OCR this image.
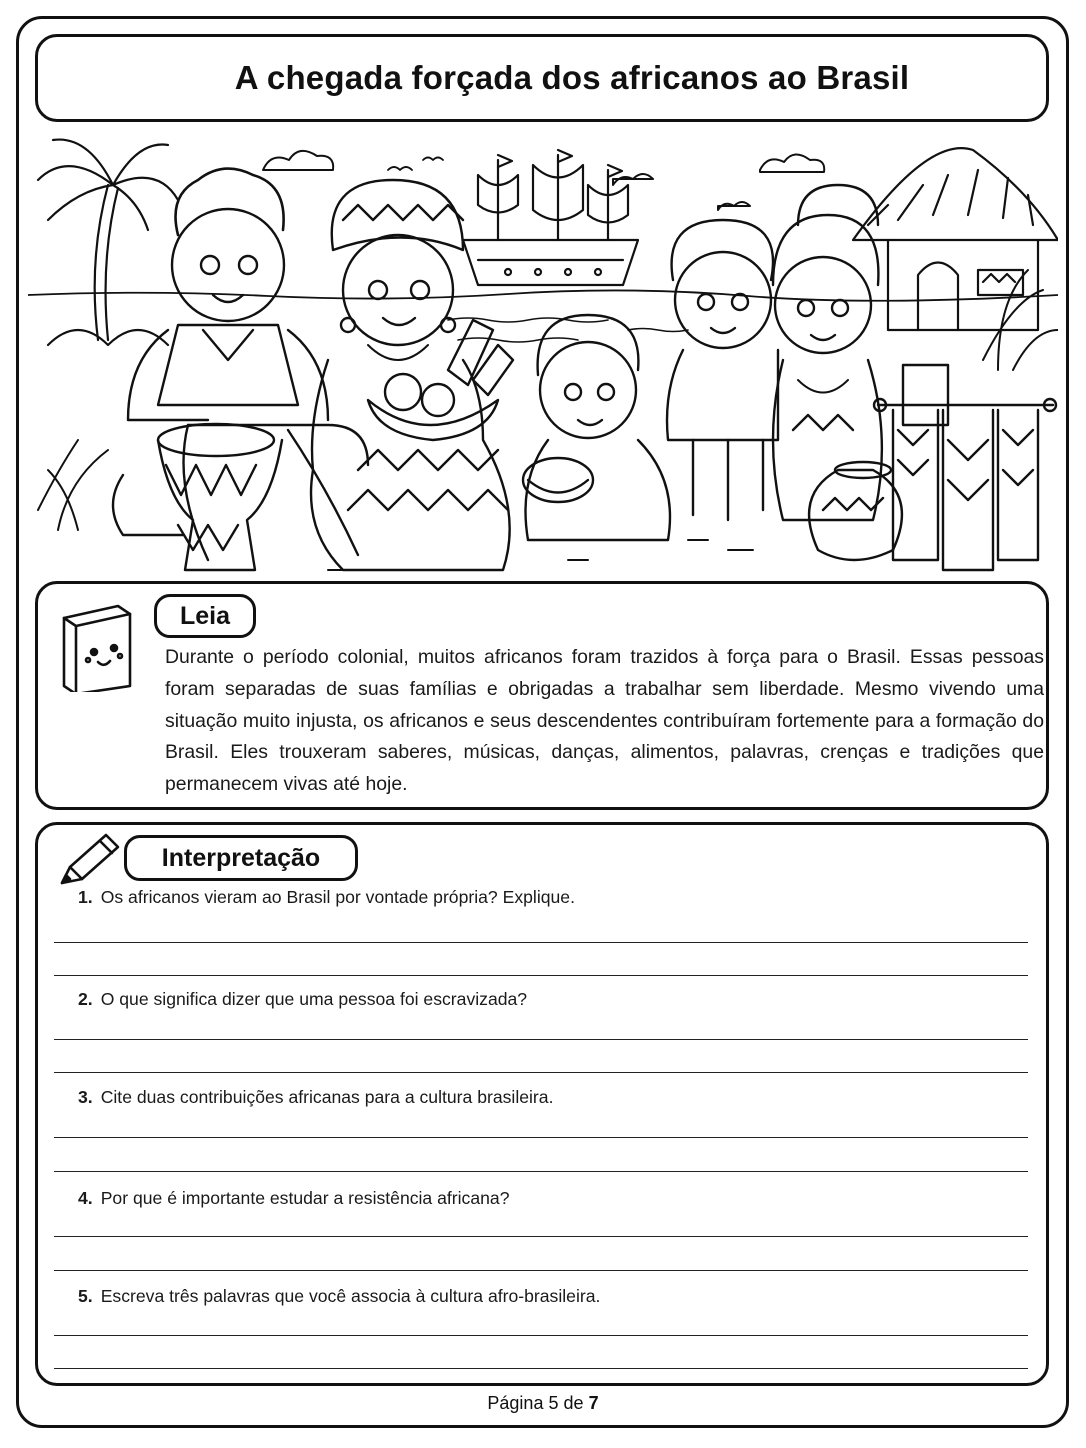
A chegada forçada dos africanos ao Brasil
Leia

Durante o período colonial, muitos africanos foram trazidos à força para o Brasil. Essas pessoas foram separadas de suas famílias e obrigadas a trabalhar sem liberdade. Mesmo vivendo uma situação muito injusta, os africanos e seus descendentes contribuíram fortemente para a formação do Brasil. Eles trouxeram saberes, músicas, danças, alimentos, palavras, crenças e tradições que permanecem vivas até hoje.

Interpretação
1. Os africanos vieram ao Brasil por vontade própria? Explique.
2. O que significa dizer que uma pessoa foi escravizada?
3. Cite duas contribuições africanas para a cultura brasileira.
4. Por que é importante estudar a resistência africana?
5. Escreva três palavras que você associa à cultura afro-brasileira.
Página 5 de 7
